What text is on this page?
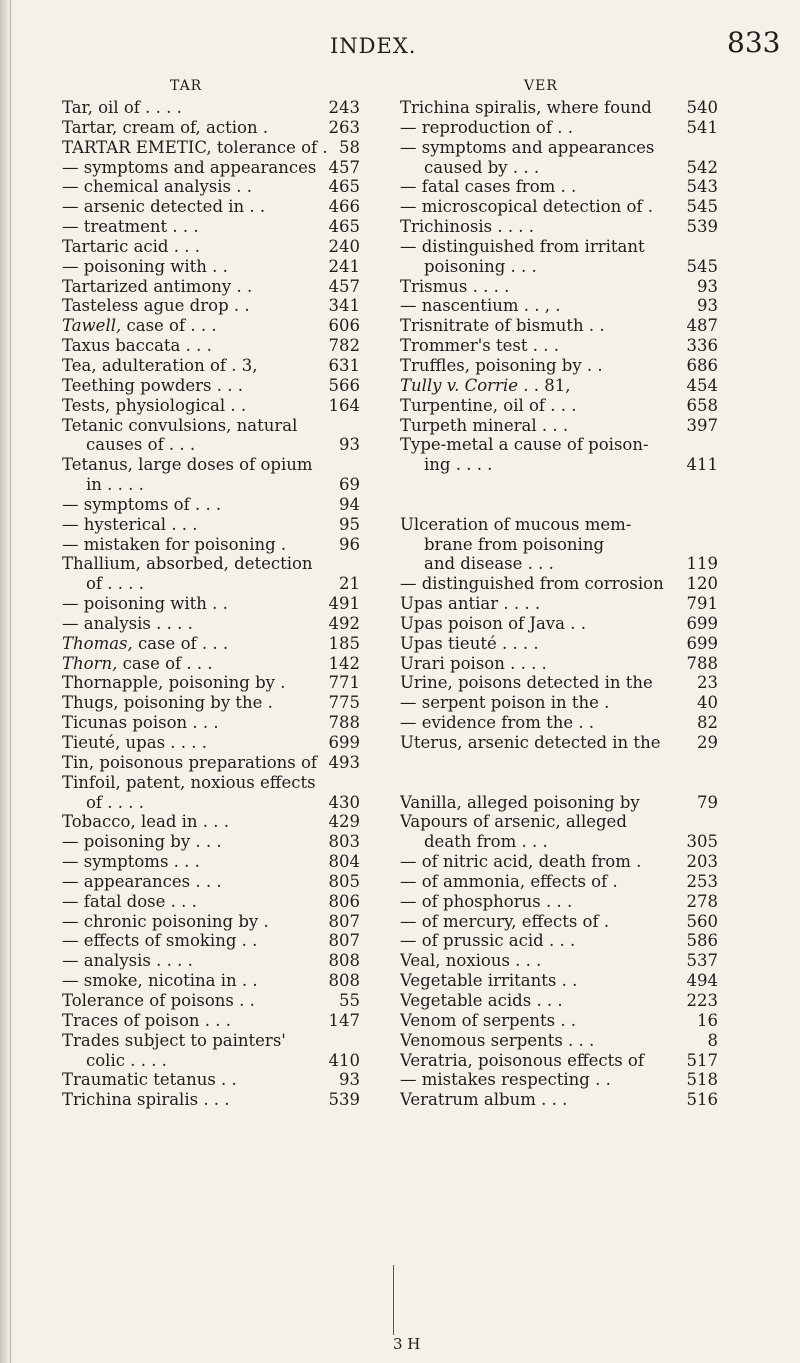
INDEX.	833
TAR	VER
Tar, oil of . . . .	243
Tartar, cream of, action .	263
TARTAR EMETIC, tolerance of . 58
— symptoms and appearances 457
— chemical analysis . .	465
— arsenic detected in . .	466
— treatment . . .	465
Tartaric acid . . .	240
— poisoning with . .	241
Tartarized antimony . .	457
Tasteless ague drop . .	341
Tawell, case of . . .	606
Taxus baccata . . .	782
Tea, adulteration of . 3,	631
Teething powders . . .	566
Tests, physiological . .	164
Tetanic convulsions, natural
causes of . . .	93
Tetanus, large doses of opium
in . . . .	69
— symptoms of . . .	94
— hysterical . . .	95
— mistaken for poisoning .	96
Thallium, absorbed, detection
of . . . .	21
— poisoning with . .	491
— analysis . . . .	492
Thomas, case of . . .	185
Thorn, case of . . .	142
Thornapple, poisoning by .	771
Thugs, poisoning by the .	775
Ticunas poison . . .	788
Tieuté, upas . . . .	699
Tin, poisonous preparations of 493
Tinfoil, patent, noxious effects
of . . . .	430
Tobacco, lead in . . .	429
— poisoning by . . .	803
— symptoms . . .	804
— appearances . . .	805
— fatal dose . . .	806
— chronic poisoning by .	807
— effects of smoking . .	807
— analysis . . . .	808
— smoke, nicotina in . .	808
Tolerance of poisons . .	55
Traces of poison . . .	147
Trades subject to painters'
colic . . . .	410
Traumatic tetanus . .	93
Trichina spiralis . . .	539
Trichina spiralis, where found 540
— reproduction of . .	541
— symptoms and appearances
caused by . . .	542
— fatal cases from . .	543
— microscopical detection of . 545
Trichinosis . . . .	539
— distinguished from irritant
poisoning . . .	545
Trismus . . . .	93
— nascentium . . , .	93
Trisnitrate of bismuth . .	487
Trommer's test . . .	336
Truffles, poisoning by . .	686
Tully v. Corrie . . 81,	454
Turpentine, oil of . . .	658
Turpeth mineral . . .	397
Type-metal a cause of poison-
ing . . . .	411
Ulceration of mucous mem-
brane from poisoning
and disease . . .	119
— distinguished from corrosion 120
Upas antiar . . . .	791
Upas poison of Java . .	699
Upas tieuté . . . .	699
Urari poison . . . .	788
Urine, poisons detected in the	23
— serpent poison in the .	40
— evidence from the . .	82
Uterus, arsenic detected in the 29
Vanilla, alleged poisoning by	79
Vapours of arsenic, alleged
death from . . .	305
— of nitric acid, death from .	203
— of ammonia, effects of .	253
— of phosphorus . . .	278
— of mercury, effects of .	560
— of prussic acid . . .	586
Veal, noxious . . .	537
Vegetable irritants . .	494
Vegetable acids . . .	223
Venom of serpents . .	16
Venomous serpents . . .	8
Veratria, poisonous effects of	517
— mistakes respecting . .	518
Veratrum album . . .	516
3 H
